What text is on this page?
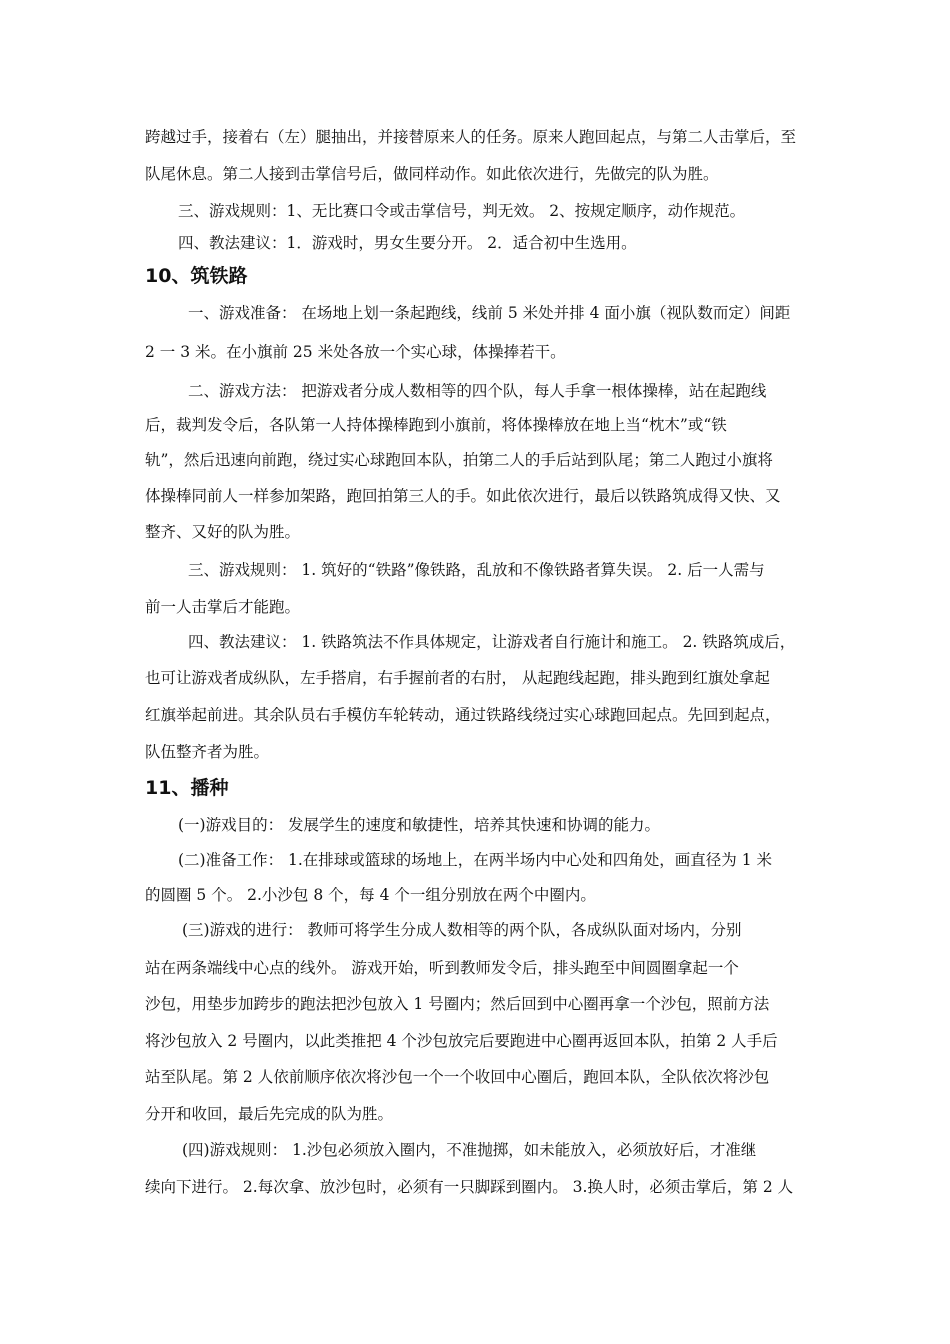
跨越过手，接着右（左）腿抽出，并接替原来人的任务。原来人跑回起点，与第二人击掌后，至
队尾休息。第二人接到击掌信号后，做同样动作。如此依次进行，先做完的队为胜。
三、游戏规则：1、无比赛口令或击掌信号，判无效。 2、按规定顺序，动作规范。
四、教法建议：1．游戏时，男女生要分开。 2．适合初中生选用。
10、筑铁路
一、游戏准备： 在场地上划一条起跑线，线前 5 米处并排 4 面小旗（视队数而定）间距
2 一 3 米。在小旗前 25 米处各放一个实心球，体操捧若干。
二、游戏方法： 把游戏者分成人数相等的四个队，每人手拿一根体操棒，站在起跑线
后，裁判发令后，各队第一人持体操棒跑到小旗前，将体操棒放在地上当“枕木”或“铁
轨”，然后迅速向前跑，绕过实心球跑回本队，拍第二人的手后站到队尾；第二人跑过小旗将
体操棒同前人一样参加架路，跑回拍第三人的手。如此依次进行，最后以铁路筑成得又快、又
整齐、又好的队为胜。
三、游戏规则： 1. 筑好的“铁路”像铁路，乱放和不像铁路者算失误。 2. 后一人需与
前一人击掌后才能跑。
四、教法建议： 1. 铁路筑法不作具体规定，让游戏者自行施计和施工。 2. 铁路筑成后，
也可让游戏者成纵队，左手搭肩，右手握前者的右肘， 从起跑线起跑，排头跑到红旗处拿起
红旗举起前进。其余队员右手模仿车轮转动，通过铁路线绕过实心球跑回起点。先回到起点，
队伍整齐者为胜。
11、播种
(一)游戏目的： 发展学生的速度和敏捷性，培养其快速和协调的能力。
(二)准备工作： 1.在排球或篮球的场地上，在两半场内中心处和四角处，画直径为 1 米
的圆圈 5 个。 2.小沙包 8 个，每 4 个一组分别放在两个中圈内。
(三)游戏的进行： 教师可将学生分成人数相等的两个队，各成纵队面对场内，分别
站在两条端线中心点的线外。 游戏开始，听到教师发令后，排头跑至中间圆圈拿起一个
沙包，用垫步加跨步的跑法把沙包放入 1 号圈内；然后回到中心圈再拿一个沙包，照前方法
将沙包放入 2 号圈内，以此类推把 4 个沙包放完后要跑进中心圈再返回本队，拍第 2 人手后
站至队尾。第 2 人依前顺序依次将沙包一个一个收回中心圈后，跑回本队，全队依次将沙包
分开和收回，最后先完成的队为胜。
(四)游戏规则： 1.沙包必须放入圈内，不准抛掷，如未能放入，必须放好后，才准继
续向下进行。 2.每次拿、放沙包时，必须有一只脚踩到圈内。 3.换人时，必须击掌后，第 2 人
